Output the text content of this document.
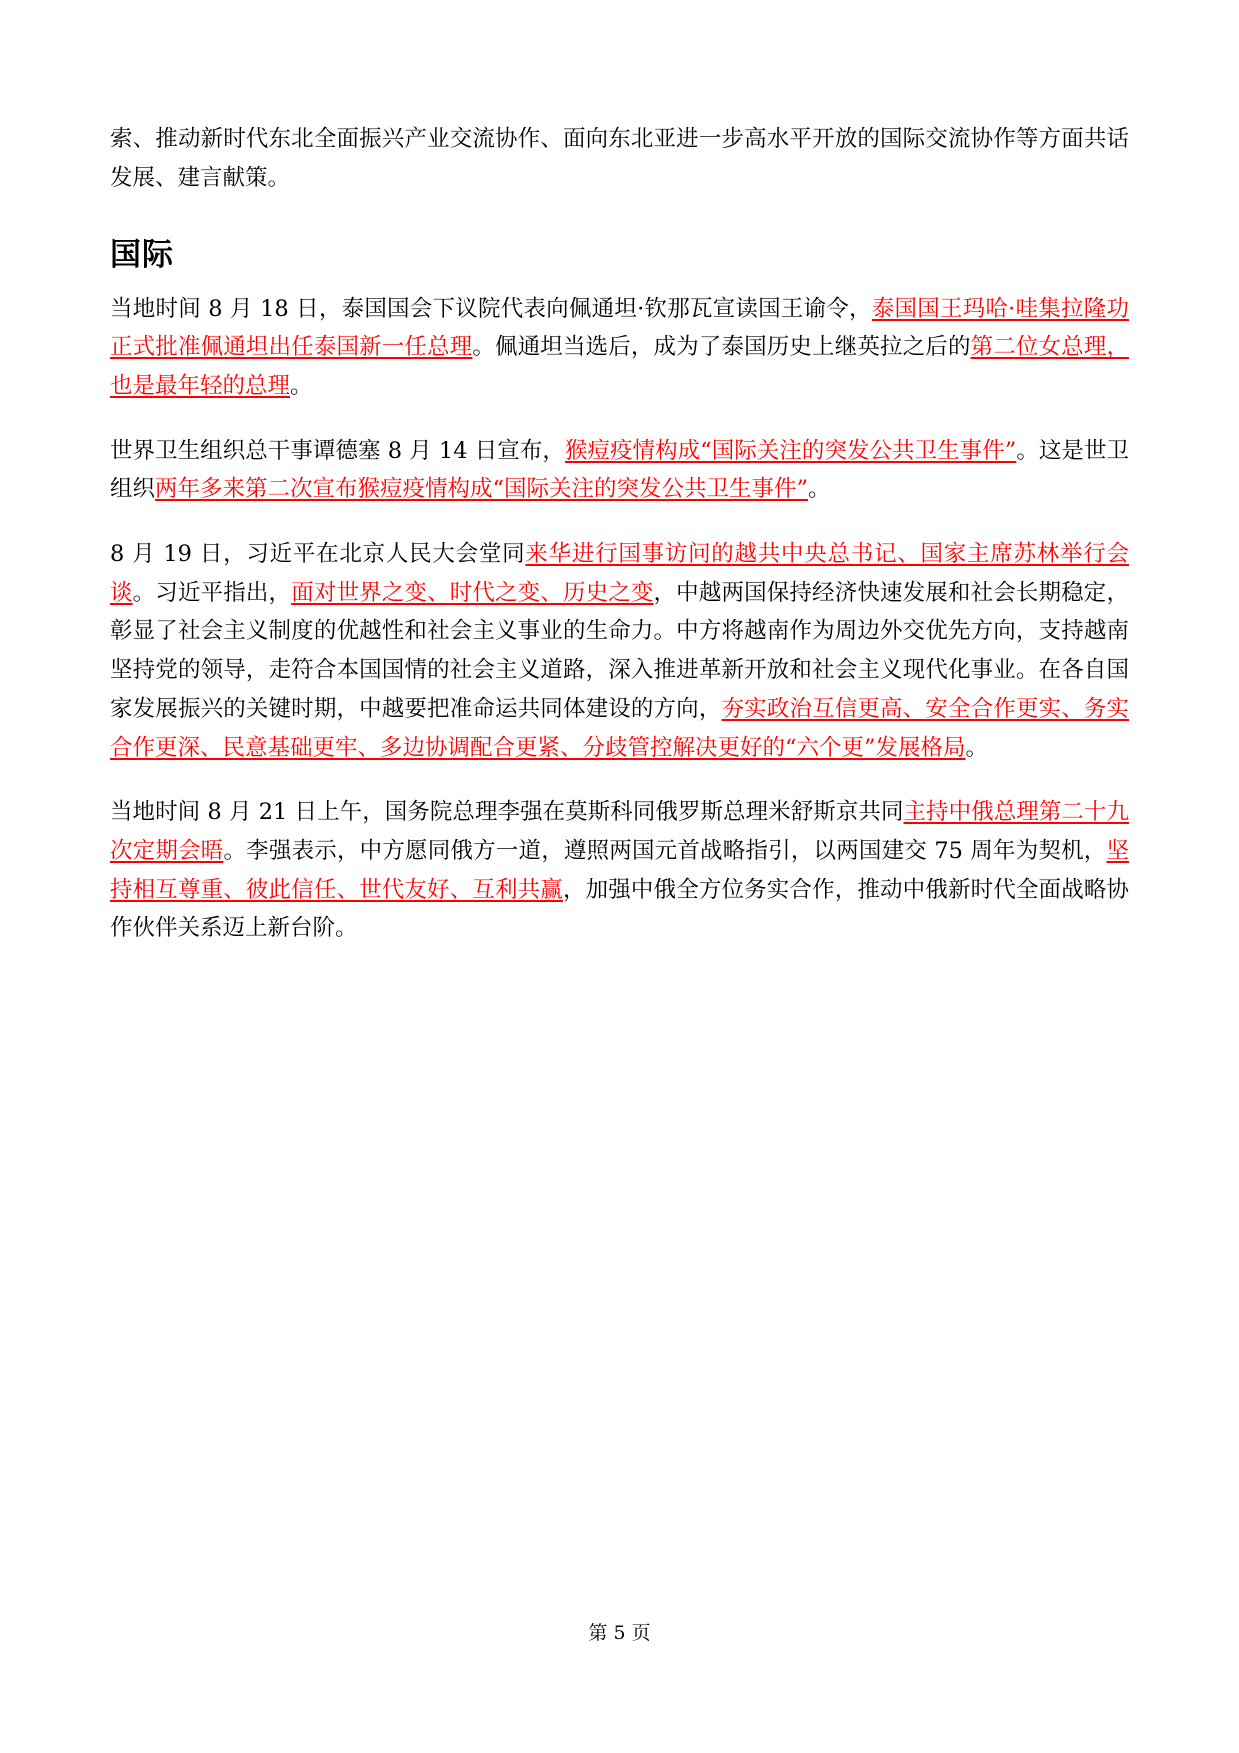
索、推动新时代东北全面振兴产业交流协作、面向东北亚进一步高水平开放的国际交流协作等方面共话发展、建言献策。

国际

当地时间 8 月 18 日，泰国国会下议院代表向佩通坦·钦那瓦宣读国王谕令，泰国国王玛哈·哇集拉隆功正式批准佩通坦出任泰国新一任总理。佩通坦当选后，成为了泰国历史上继英拉之后的第二位女总理，也是最年轻的总理。

世界卫生组织总干事谭德塞 8 月 14 日宣布，猴痘疫情构成“国际关注的突发公共卫生事件”。这是世卫组织两年多来第二次宣布猴痘疫情构成“国际关注的突发公共卫生事件”。

8 月 19 日，习近平在北京人民大会堂同来华进行国事访问的越共中央总书记、国家主席苏林举行会谈。习近平指出，面对世界之变、时代之变、历史之变，中越两国保持经济快速发展和社会长期稳定，彰显了社会主义制度的优越性和社会主义事业的生命力。中方将越南作为周边外交优先方向，支持越南坚持党的领导，走符合本国国情的社会主义道路，深入推进革新开放和社会主义现代化事业。在各自国家发展振兴的关键时期，中越要把准命运共同体建设的方向，夯实政治互信更高、安全合作更实、务实合作更深、民意基础更牢、多边协调配合更紧、分歧管控解决更好的“六个更”发展格局。

当地时间 8 月 21 日上午，国务院总理李强在莫斯科同俄罗斯总理米舒斯京共同主持中俄总理第二十九次定期会晤。李强表示，中方愿同俄方一道，遵照两国元首战略指引，以两国建交 75 周年为契机，坚持相互尊重、彼此信任、世代友好、互利共赢，加强中俄全方位务实合作，推动中俄新时代全面战略协作伙伴关系迈上新台阶。

第 5 页
